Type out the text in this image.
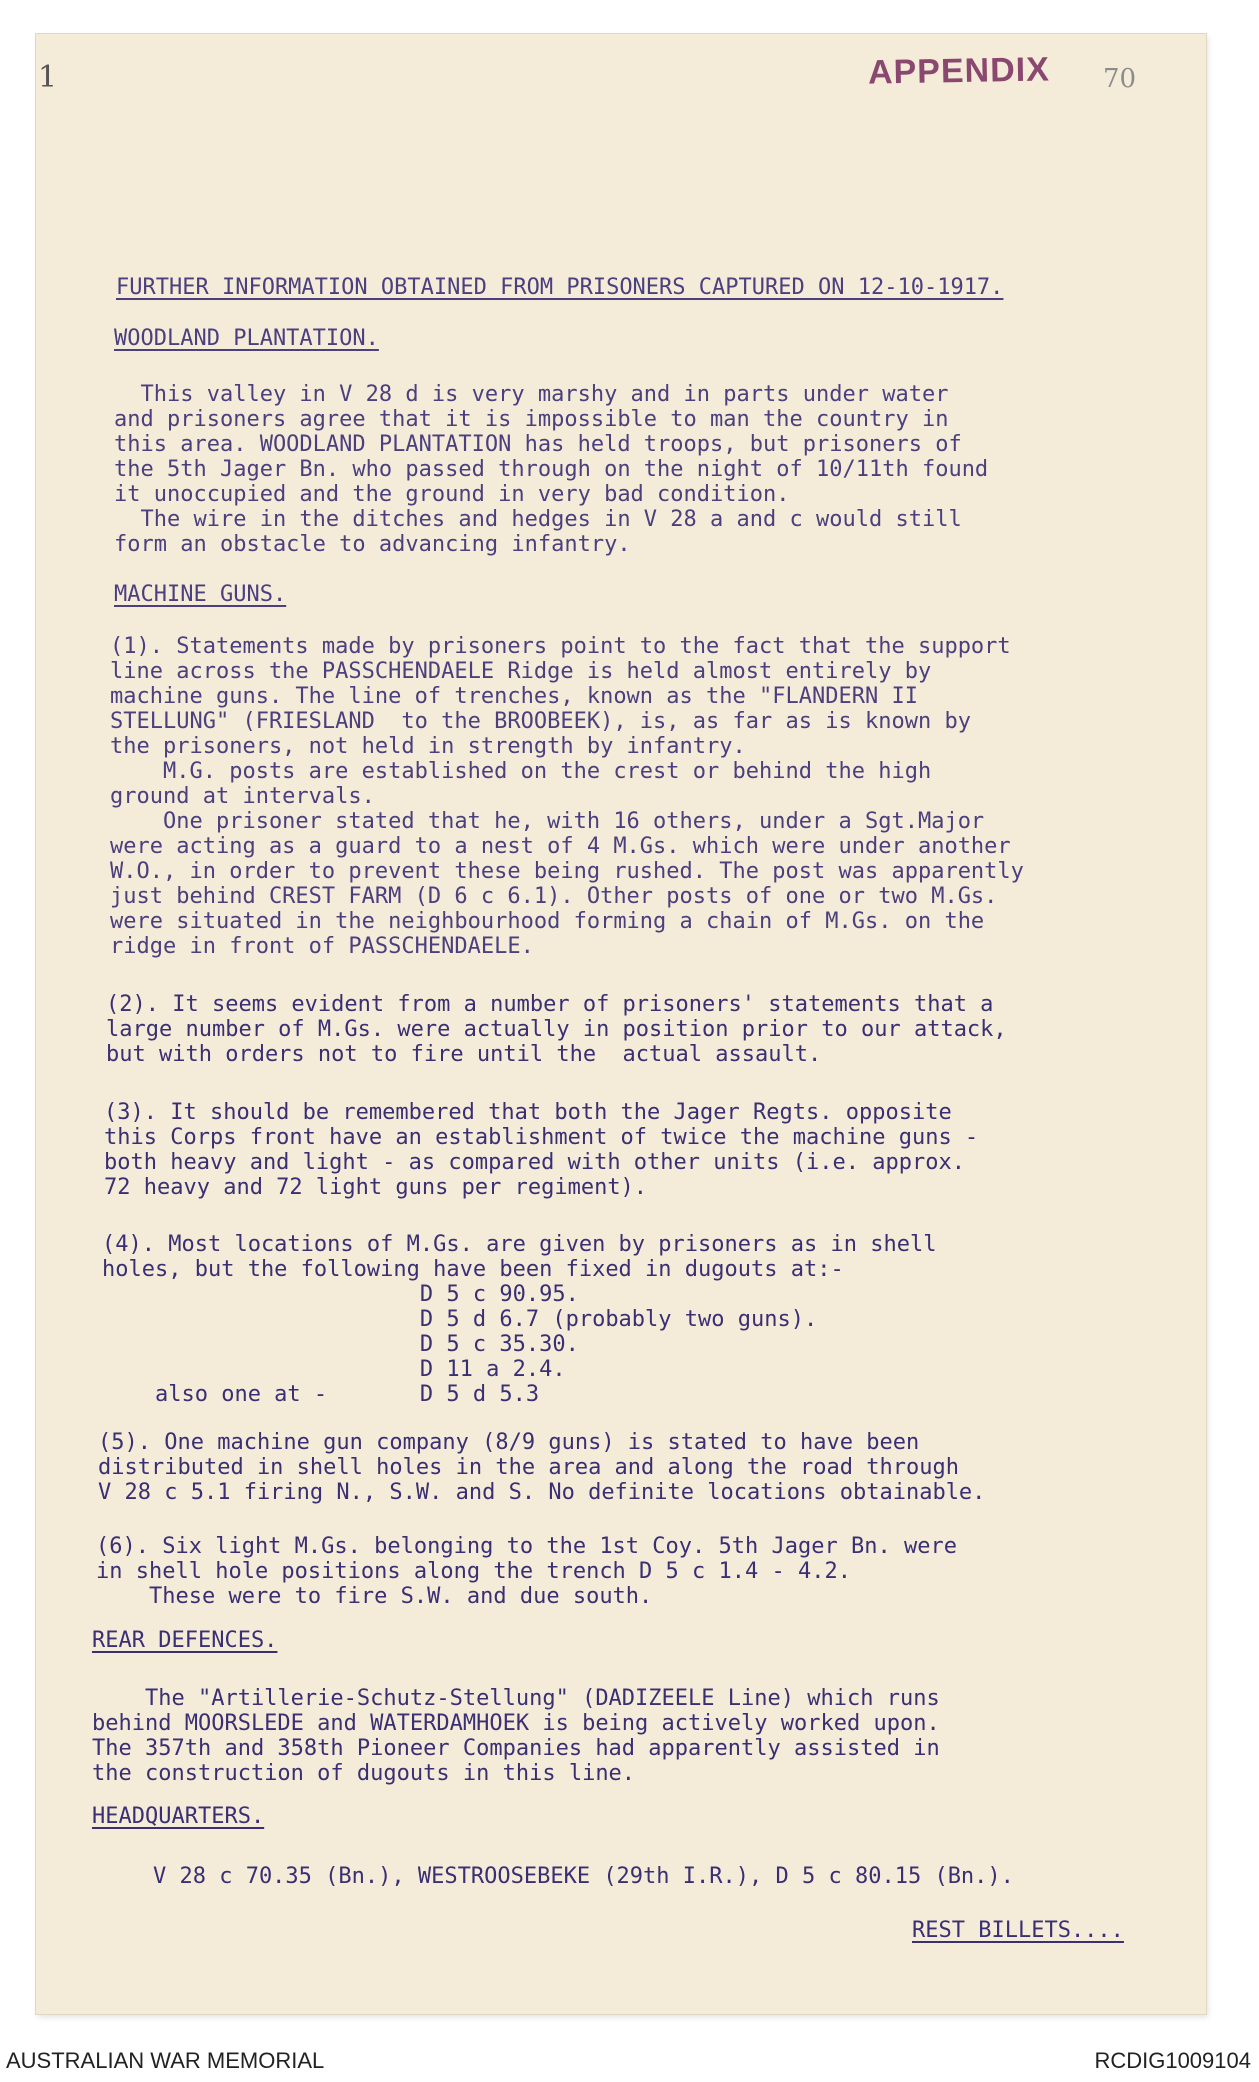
1	APPENDIX 70

FURTHER INFORMATION OBTAINED FROM PRISONERS CAPTURED ON 12-10-1917.

WOODLAND PLANTATION.

This valley in V 28 d is very marshy and in parts under water
and prisoners agree that it is impossible to man the country in
this area. WOODLAND PLANTATION has held troops, but prisoners of
the 5th Jager Bn. who passed through on the night of 10/11th found
it unoccupied and the ground in very bad condition.
The wire in the ditches and hedges in V 28 a and c would still
form an obstacle to advancing infantry.

MACHINE GUNS.

(1). Statements made by prisoners point to the fact that the support
line across the PASSCHENDAELE Ridge is held almost entirely by
machine guns. The line of trenches, known as the "FLANDERN II
STELLUNG" (FRIESLAND  to the BROOBEEK), is, as far as is known by
the prisoners, not held in strength by infantry.
M.G. posts are established on the crest or behind the high
ground at intervals.
One prisoner stated that he, with 16 others, under a Sgt.Major
were acting as a guard to a nest of 4 M.Gs. which were under another
W.O., in order to prevent these being rushed. The post was apparently
just behind CREST FARM (D 6 c 6.1). Other posts of one or two M.Gs.
were situated in the neighbourhood forming a chain of M.Gs. on the
ridge in front of PASSCHENDAELE.

(2). It seems evident from a number of prisoners' statements that a
large number of M.Gs. were actually in position prior to our attack,
but with orders not to fire until the  actual assault.

(3). It should be remembered that both the Jager Regts. opposite
this Corps front have an establishment of twice the machine guns -
both heavy and light - as compared with other units (i.e. approx.
72 heavy and 72 light guns per regiment).

(4). Most locations of M.Gs. are given by prisoners as in shell
holes, but the following have been fixed in dugouts at:-
D 5 c 90.95.
D 5 d 6.7 (probably two guns).
D 5 c 35.30.
D 11 a 2.4.
also one at -       D 5 d 5.3

(5). One machine gun company (8/9 guns) is stated to have been
distributed in shell holes in the area and along the road through
V 28 c 5.1 firing N., S.W. and S. No definite locations obtainable.

(6). Six light M.Gs. belonging to the 1st Coy. 5th Jager Bn. were
in shell hole positions along the trench D 5 c 1.4 - 4.2.
These were to fire S.W. and due south.

REAR DEFENCES.

The "Artillerie-Schutz-Stellung" (DADIZEELE Line) which runs
behind MOORSLEDE and WATERDAMHOEK is being actively worked upon.
The 357th and 358th Pioneer Companies had apparently assisted in
the construction of dugouts in this line.

HEADQUARTERS.

V 28 c 70.35 (Bn.), WESTROOSEBEKE (29th I.R.), D 5 c 80.15 (Bn.).

REST BILLETS....

AUSTRALIAN WAR MEMORIAL	RCDIG1009104
